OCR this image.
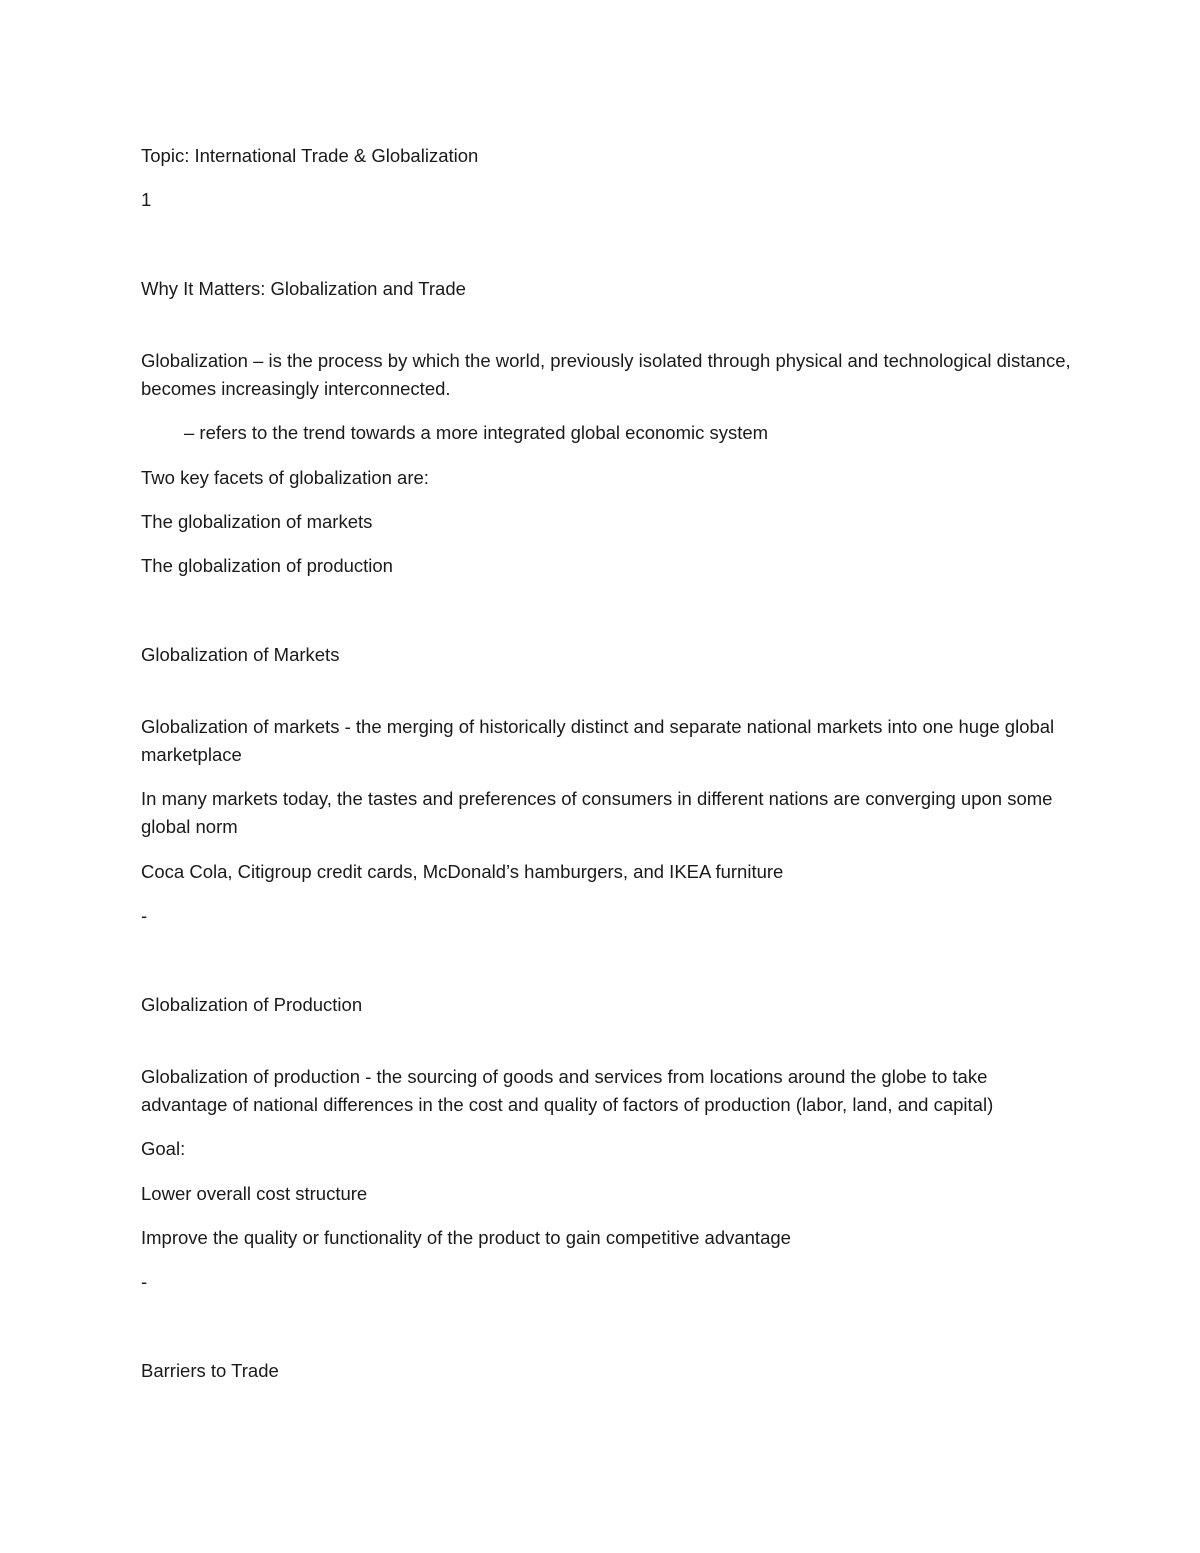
Topic: International Trade & Globalization
1
Why It Matters: Globalization and Trade
Globalization – is the process by which the world, previously isolated through physical and technological distance, becomes increasingly interconnected.
– refers to the trend towards a more integrated global economic system
Two key facets of globalization are:
The globalization of markets
The globalization of production
Globalization of Markets
Globalization of markets - the merging of historically distinct and separate national markets into one huge global marketplace
In many markets today, the tastes and preferences of consumers in different nations are converging upon some global norm
Coca Cola, Citigroup credit cards, McDonald’s hamburgers, and IKEA furniture
-
Globalization of Production
Globalization of production - the sourcing of goods and services from locations around the globe to take advantage of national differences in the cost and quality of factors of production (labor, land, and capital)
Goal:
Lower overall cost structure
Improve the quality or functionality of the product to gain competitive advantage
-
Barriers to Trade
